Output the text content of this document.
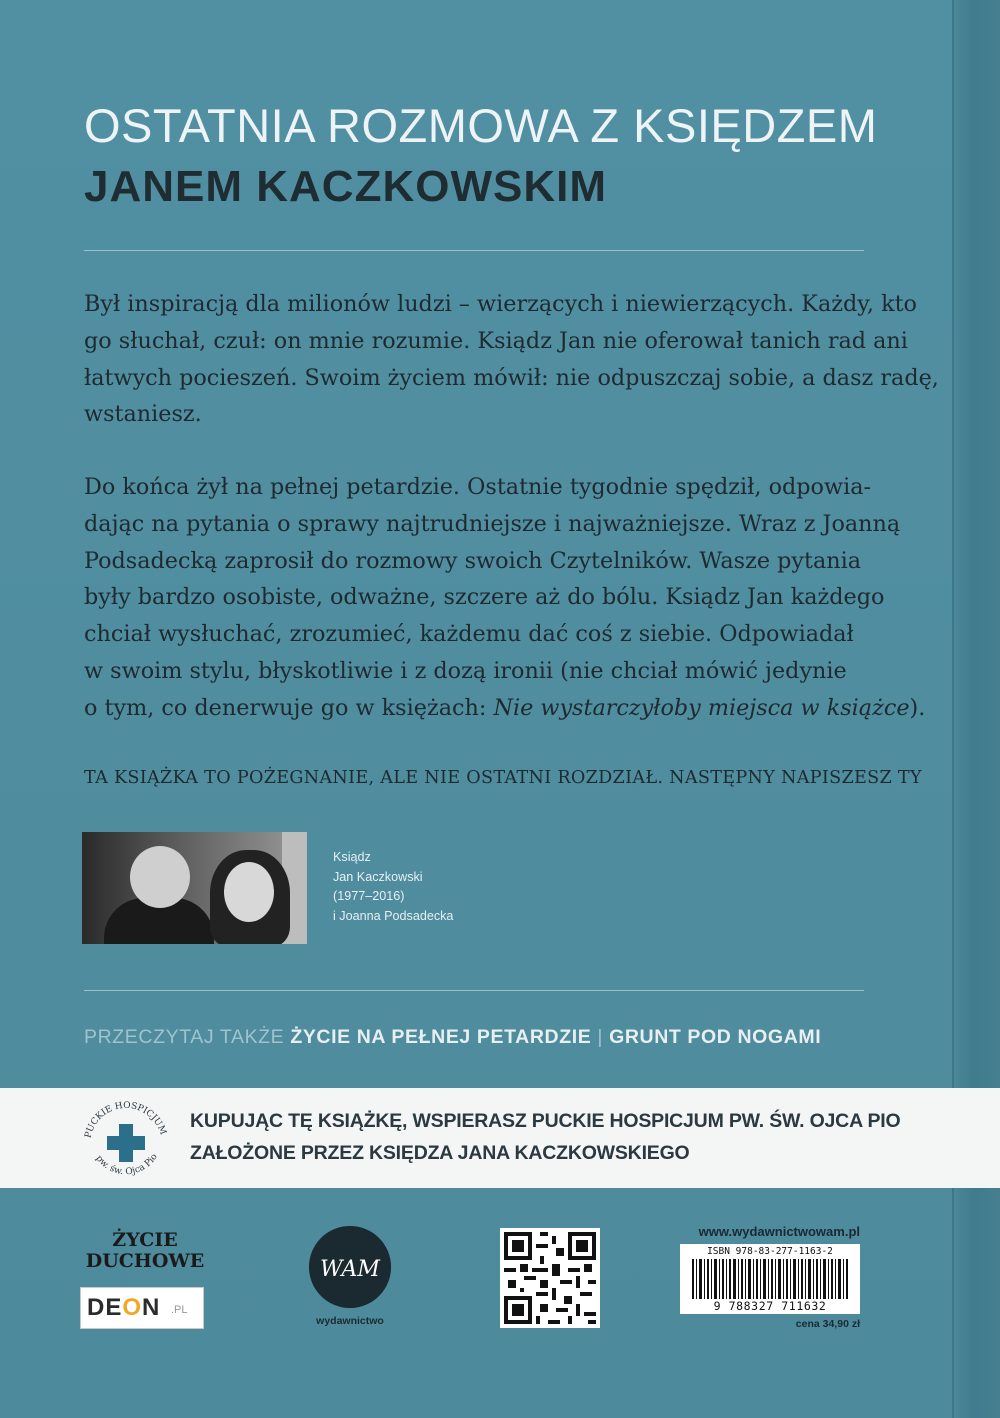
OSTATNIA ROZMOWA Z KSIĘDZEM
JANEM KACZKOWSKIM
Był inspiracją dla milionów ludzi – wierzących i niewierzących. Każdy, kto
go słuchał, czuł: on mnie rozumie. Ksiądz Jan nie oferował tanich rad ani
łatwych pocieszeń. Swoim życiem mówił: nie odpuszczaj sobie, a dasz radę,
wstaniesz.
Do końca żył na pełnej petardzie. Ostatnie tygodnie spędził, odpowia-
dając na pytania o sprawy najtrudniejsze i najważniejsze. Wraz z Joanną
Podsadecką zaprosił do rozmowy swoich Czytelników. Wasze pytania
były bardzo osobiste, odważne, szczere aż do bólu. Ksiądz Jan każdego
chciał wysłuchać, zrozumieć, każdemu dać coś z siebie. Odpowiadał
w swoim stylu, błyskotliwie i z dozą ironii (nie chciał mówić jedynie
o tym, co denerwuje go w księżach: Nie wystarczyłoby miejsca w książce).
TA KSIĄŻKA TO POŻEGNANIE, ALE NIE OSTATNI ROZDZIAŁ. NASTĘPNY NAPISZESZ TY
Ksiądz
Jan Kaczkowski
(1977–2016)
i Joanna Podsadecka
PRZECZYTAJ TAKŻE ŻYCIE NA PEŁNEJ PETARDZIE | GRUNT POD NOGAMI
KUPUJĄC TĘ KSIĄŻKĘ, WSPIERASZ PUCKIE HOSPICJUM PW. ŚW. OJCA PIO
ZAŁOŻONE PRZEZ KSIĘDZA JANA KACZKOWSKIEGO
PUCKIE HOSPICJUM
pw. św. Ojca Pio
ŻYCIE
DUCHOWE
DEON .PL
WAM
wydawnictwo
www.wydawnictwowam.pl
ISBN 978-83-277-1163-2
9 788327 711632
cena 34,90 zł
